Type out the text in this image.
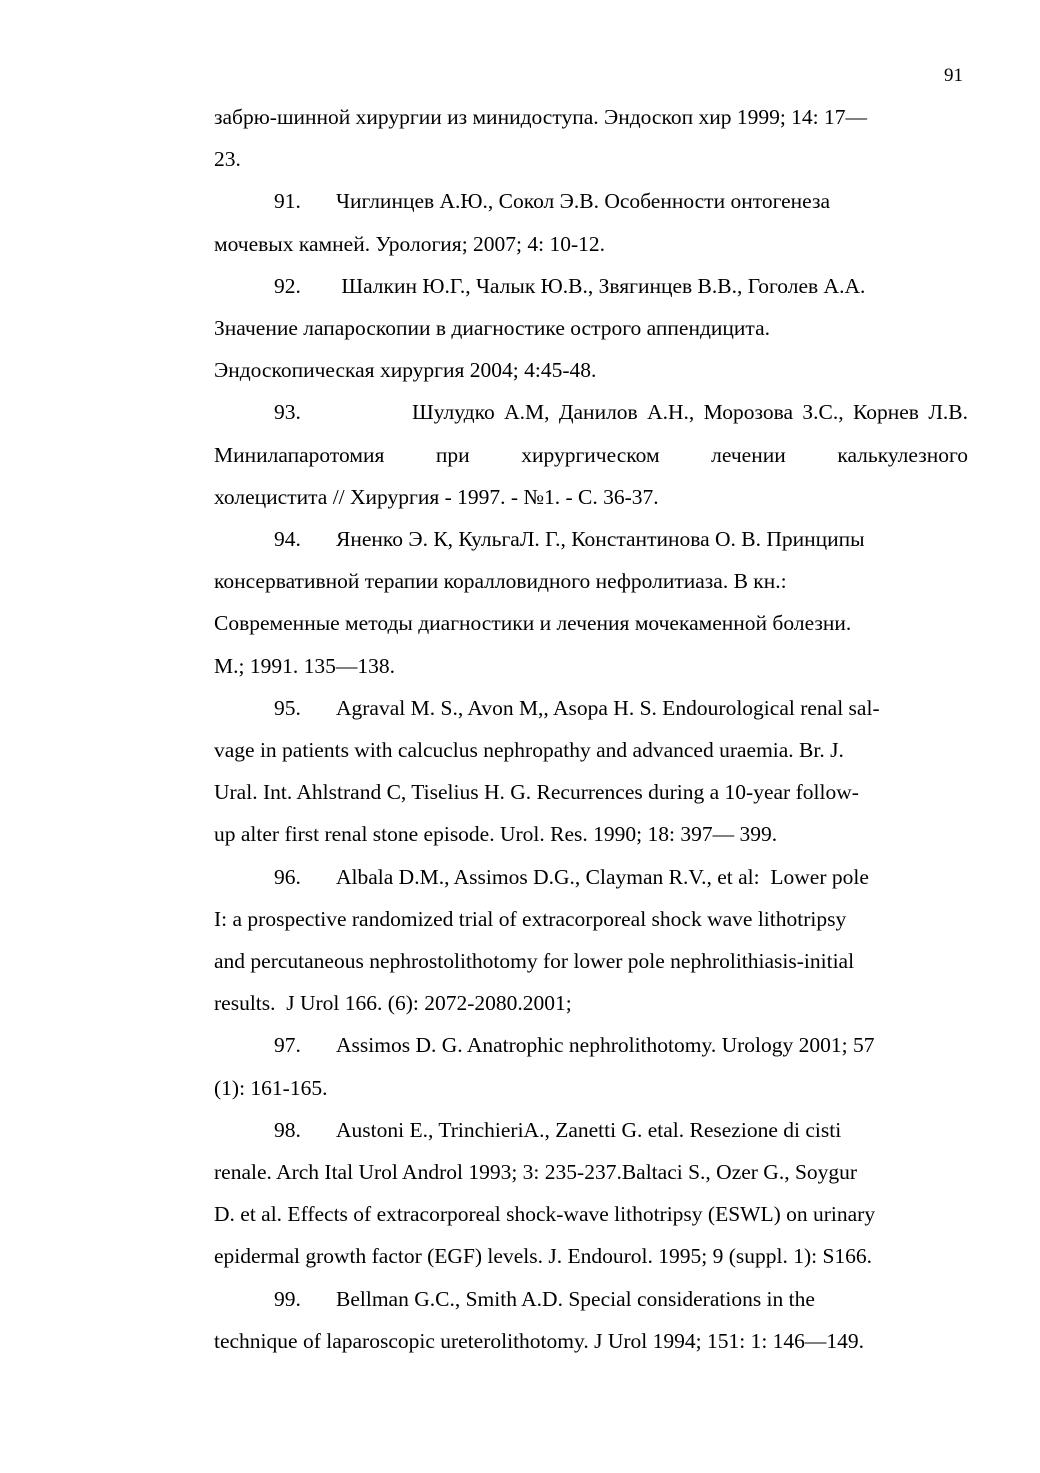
91

забрю-шинной хирургии из минидоступа. Эндоскоп хир 1999; 14: 17—
23.

91. Чиглинцев А.Ю., Сокол Э.В. Особенности онтогенеза
мочевых камней. Урология; 2007; 4: 10-12.

92. Шалкин Ю.Г., Чалык Ю.В., Звягинцев В.В., Гоголев А.А.
Значение лапароскопии в диагностике острого аппендицита.
Эндоскопическая хирургия 2004; 4:45-48.

93.	Шулудко А.М, Данилов А.Н., Морозова З.С., Корнев Л.В.
Минилапаротомия при хирургическом лечении калькулезного
холецистита // Хирургия - 1997. - №1. - С. 36-37.

94. Яненко Э. К, КульгаЛ. Г., Константинова О. В. Принципы
консервативной терапии коралловидного нефролитиаза. В кн.:
Современные методы диагностики и лечения мочекаменной болезни.
М.; 1991. 135—138.

95. Agraval M. S., Avon M,, Asopa H. S. Endourological renal sal-
vage in patients with calcuclus nephropathy and advanced uraemia. Br. J.
Ural. Int. Ahlstrand C, Tiselius H. G. Recurrences during a 10-year follow-
up alter first renal stone episode. Urol. Res. 1990; 18: 397— 399.

96. Albala D.M., Assimos D.G., Clayman R.V., et al:  Lower pole
I: a prospective randomized trial of extracorporeal shock wave lithotripsy
and percutaneous nephrostolithotomy for lower pole nephrolithiasis-initial
results.  J Urol 166. (6): 2072-2080.2001;

97. Assimos D. G. Anatrophic nephrolithotomy. Urology 2001; 57
(1): 161-165.

98. Austoni E., TrinchieriA., Zanetti G. etal. Resezione di cisti
renale. Arch Ital Urol Androl 1993; 3: 235-237.Baltaci S., Ozer G., Soygur
D. et al. Effects of extracorporeal shock-wave lithotripsy (ESWL) on urinary
epidermal growth factor (EGF) levels. J. Endourol. 1995; 9 (suppl. 1): S166.

99. Bellman G.C., Smith A.D. Special considerations in the
technique of laparoscopic ureterolithotomy. J Urol 1994; 151: 1: 146—149.
